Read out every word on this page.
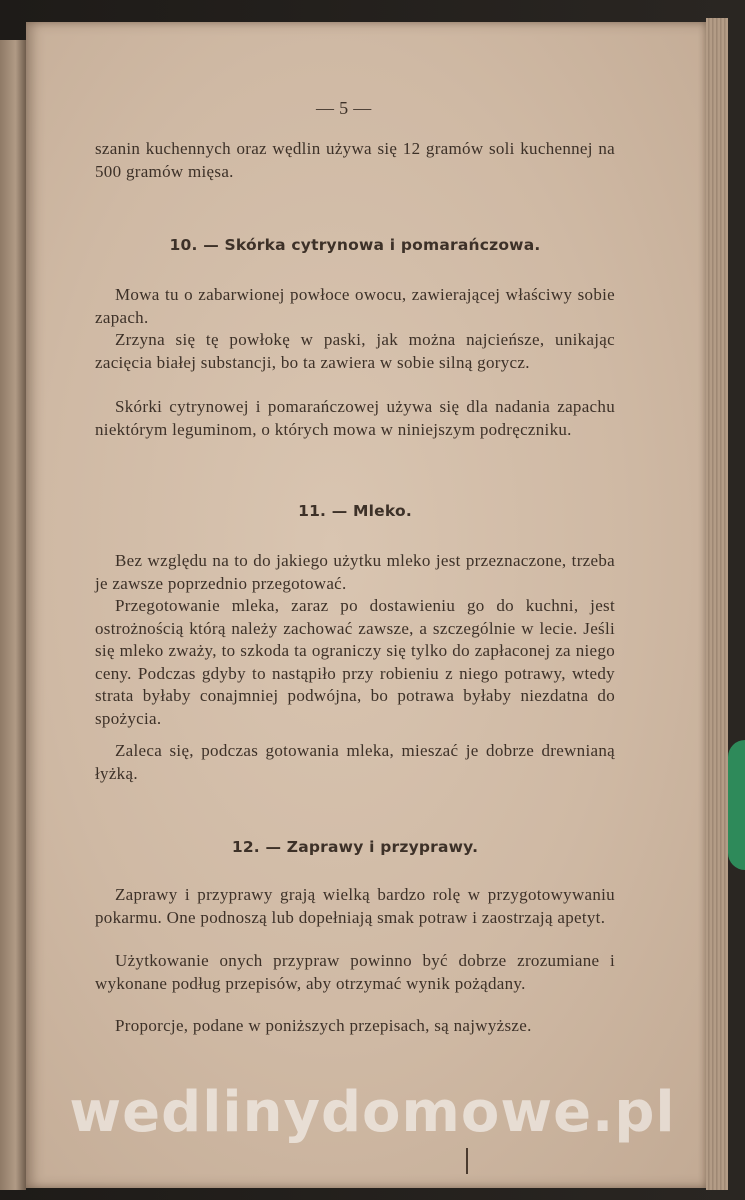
— 5 —
szanin kuchennych oraz wędlin używa się 12 gramów soli kuchennej na 500 gramów mięsa.
10. — Skórka cytrynowa i pomarańczowa.
Mowa tu o zabarwionej powłoce owocu, zawierającej właściwy sobie zapach.
Zrzyna się tę powłokę w paski, jak można najcieńsze, unikając zacięcia białej substancji, bo ta zawiera w sobie silną gorycz.
Skórki cytrynowej i pomarańczowej używa się dla nadania zapachu niektórym leguminom, o których mowa w niniejszym podręczniku.
11. — Mleko.
Bez względu na to do jakiego użytku mleko jest przeznaczone, trzeba je zawsze poprzednio przegotować.
Przegotowanie mleka, zaraz po dostawieniu go do kuchni, jest ostrożnością którą należy zachować zawsze, a szczególnie w lecie. Jeśli się mleko zważy, to szkoda ta ograniczy się tylko do zapłaconej za niego ceny. Podczas gdyby to nastąpiło przy robieniu z niego potrawy, wtedy strata byłaby conajmniej podwójna, bo potrawa byłaby niezdatna do spożycia.
Zaleca się, podczas gotowania mleka, mieszać je dobrze drewnianą łyżką.
12. — Zaprawy i przyprawy.
Zaprawy i przyprawy grają wielką bardzo rolę w przygotowywaniu pokarmu. One podnoszą lub dopełniają smak potraw i zaostrzają apetyt.
Użytkowanie onych przypraw powinno być dobrze zrozumiane i wykonane podług przepisów, aby otrzymać wynik pożądany.
Proporcje, podane w poniższych przepisach, są najwyższe.
wedlinydomowe.pl
